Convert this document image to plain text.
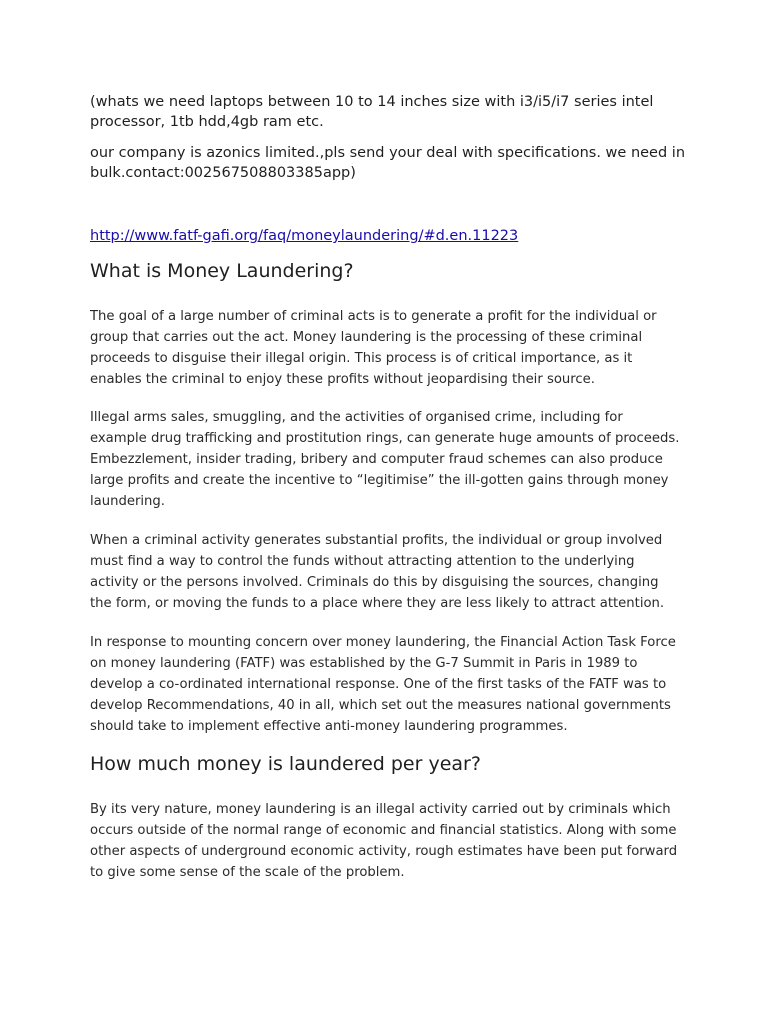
(whats we need laptops between 10 to 14 inches size with i3/i5/i7 series intel processor, 1tb hdd,4gb ram etc.

our company is azonics limited.,pls send your deal with specifications. we need in bulk.contact:002567508803385app)

http://www.fatf-gafi.org/faq/moneylaundering/#d.en.11223
What is Money Laundering?

The goal of a large number of criminal acts is to generate a profit for the individual or group that carries out the act. Money laundering is the processing of these criminal proceeds to disguise their illegal origin. This process is of critical importance, as it enables the criminal to enjoy these profits without jeopardising their source.

Illegal arms sales, smuggling, and the activities of organised crime, including for example drug trafficking and prostitution rings, can generate huge amounts of proceeds. Embezzlement, insider trading, bribery and computer fraud schemes can also produce large profits and create the incentive to “legitimise” the ill-gotten gains through money laundering.

When a criminal activity generates substantial profits, the individual or group involved must find a way to control the funds without attracting attention to the underlying activity or the persons involved. Criminals do this by disguising the sources, changing the form, or moving the funds to a place where they are less likely to attract attention.

In response to mounting concern over money laundering, the Financial Action Task Force on money laundering (FATF) was established by the G-7 Summit in Paris in 1989 to develop a co-ordinated international response. One of the first tasks of the FATF was to develop Recommendations, 40 in all, which set out the measures national governments should take to implement effective anti-money laundering programmes.

How much money is laundered per year?

By its very nature, money laundering is an illegal activity carried out by criminals which occurs outside of the normal range of economic and financial statistics. Along with some other aspects of underground economic activity, rough estimates have been put forward to give some sense of the scale of the problem.
